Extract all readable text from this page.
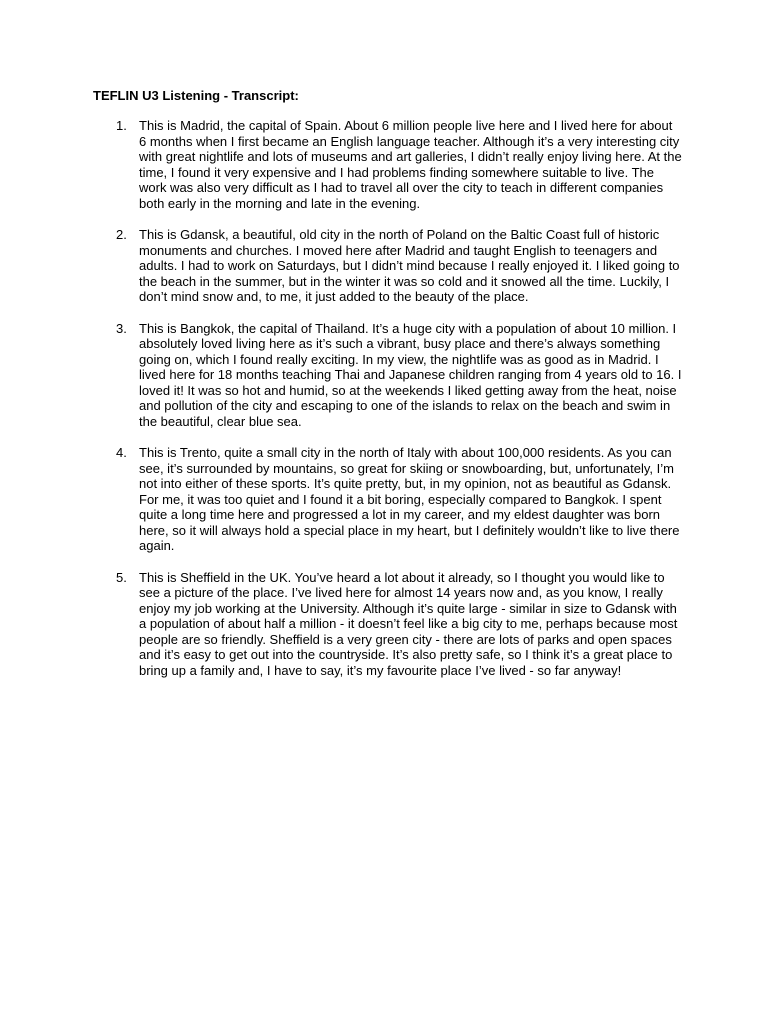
TEFLIN U3 Listening - Transcript:
1. This is Madrid, the capital of Spain. About 6 million people live here and I lived here for about 6 months when I first became an English language teacher. Although it’s a very interesting city with great nightlife and lots of museums and art galleries, I didn’t really enjoy living here. At the time, I found it very expensive and I had problems finding somewhere suitable to live. The work was also very difficult as I had to travel all over the city to teach in different companies both early in the morning and late in the evening.
2. This is Gdansk, a beautiful, old city in the north of Poland on the Baltic Coast full of historic monuments and churches. I moved here after Madrid and taught English to teenagers and adults. I had to work on Saturdays, but I didn’t mind because I really enjoyed it. I liked going to the beach in the summer, but in the winter it was so cold and it snowed all the time. Luckily, I don’t mind snow and, to me, it just added to the beauty of the place.
3. This is Bangkok, the capital of Thailand. It’s a huge city with a population of about 10 million. I absolutely loved living here as it’s such a vibrant, busy place and there’s always something going on, which I found really exciting. In my view, the nightlife was as good as in Madrid. I lived here for 18 months teaching Thai and Japanese children ranging from 4 years old to 16. I loved it! It was so hot and humid, so at the weekends I liked getting away from the heat, noise and pollution of the city and escaping to one of the islands to relax on the beach and swim in the beautiful, clear blue sea.
4. This is Trento, quite a small city in the north of Italy with about 100,000 residents. As you can see, it’s surrounded by mountains, so great for skiing or snowboarding, but, unfortunately, I’m not into either of these sports. It’s quite pretty, but, in my opinion, not as beautiful as Gdansk. For me, it was too quiet and I found it a bit boring, especially compared to Bangkok. I spent quite a long time here and progressed a lot in my career, and my eldest daughter was born here, so it will always hold a special place in my heart, but I definitely wouldn’t like to live there again.
5. This is Sheffield in the UK. You’ve heard a lot about it already, so I thought you would like to see a picture of the place. I’ve lived here for almost 14 years now and, as you know, I really enjoy my job working at the University. Although it’s quite large - similar in size to Gdansk with a population of about half a million - it doesn’t feel like a big city to me, perhaps because most people are so friendly. Sheffield is a very green city - there are lots of parks and open spaces and it’s easy to get out into the countryside. It’s also pretty safe, so I think it’s a great place to bring up a family and, I have to say, it’s my favourite place I’ve lived - so far anyway!
